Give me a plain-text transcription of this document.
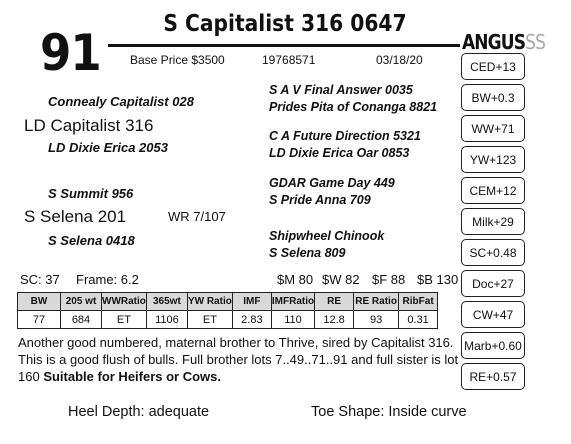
91	S Capitalist 316 0647
Base Price $3500	19768571	03/18/20
ANGUSSS
Connealy Capitalist 028
LD Capitalist 316
LD Dixie Erica 2053
S Summit 956
S Selena 201	WR 7/107
S Selena 0418
S A V Final Answer 0035
Prides Pita of Conanga 8821
C A Future Direction 5321
LD Dixie Erica Oar 0853
GDAR Game Day 449
S Pride Anna 709
Shipwheel Chinook
S Selena 809
CED+13
BW+0.3
WW+71
YW+123
CEM+12
Milk+29
SC+0.48
Doc+27
CW+47
Marb+0.60
RE+0.57
SC: 37 Frame: 6.2	$M 80 $W 82 $F 88 $B 130
BW	205 wt	WWRatio	365wt	YW Ratio	IMF	IMFRatio	RE	RE Ratio	RibFat
77	684	ET	1106	ET	2.83	110	12.8	93	0.31
Another good numbered, maternal brother to Thrive, sired by Capitalist 316. This is a good flush of bulls. Full brother lots 7..49..71..91 and full sister is lot 160 Suitable for Heifers or Cows.
Heel Depth: adequate	Toe Shape: Inside curve
